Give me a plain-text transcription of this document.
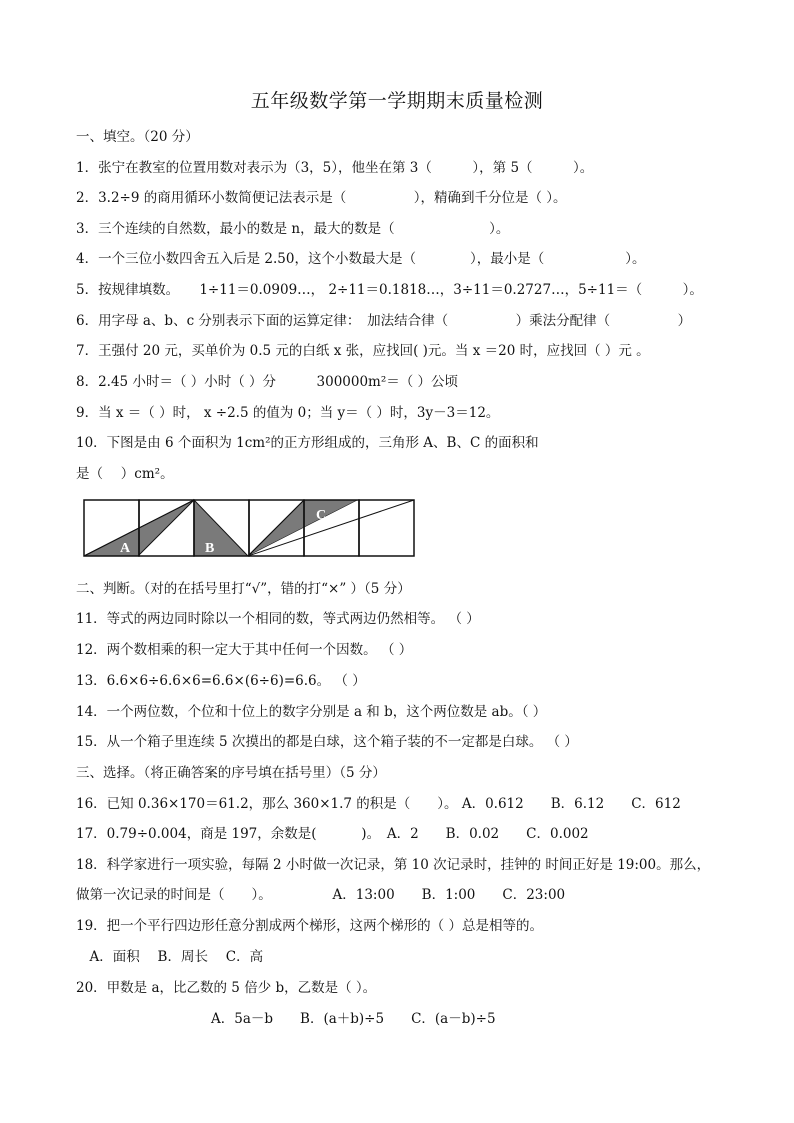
五年级数学第一学期期末质量检测
一、填空。（20 分）
1．张宁在教室的位置用数对表示为（3，5），他坐在第 3（　　　），第 5（　　　）。
2．3.2÷9 的商用循环小数简便记法表示是（　　　　　），精确到千分位是（ ）。
3．三个连续的自然数，最小的数是 n，最大的数是（　　　　　　　）。
4．一个三位小数四舍五入后是 2.50，这个小数最大是（　　　　），最小是（　　　　　　）。
5．按规律填数。　　1÷11＝0.0909…， 2÷11＝0.1818…，3÷11＝0.2727…，5÷11＝（　　　）。
6．用字母 a、b、c 分别表示下面的运算定律：　加法结合律（　　　　　）乘法分配律（　　　　　）
7．王强付 20 元，买单价为 0.5 元的白纸 x 张，应找回( )元。当 x ＝20 时，应找回（ ）元 。
8．2.45 小时＝（ ）小时（ ）分　　　300000m²＝（ ）公顷
9．当 x ＝（ ）时， x ÷2.5 的值为 0；当 y＝（ ）时，3y－3＝12。
10．下图是由 6 个面积为 1cm²的正方形组成的，三角形 A、B、C 的面积和
是（　 ）cm²。
A	B
C
二、判断。（对的在括号里打“√”，错的打“×” ）（5 分）
11．等式的两边同时除以一个相同的数，等式两边仍然相等。 （ ）
12．两个数相乘的积一定大于其中任何一个因数。 （ ）
13．6.6×6÷6.6×6=6.6×(6÷6)=6.6。 （ ）
14．一个两位数，个位和十位上的数字分别是 a 和 b，这个两位数是 ab。（ ）
15．从一个箱子里连续 5 次摸出的都是白球，这个箱子装的不一定都是白球。 （ ）
三、选择。（将正确答案的序号填在括号里）（5 分）
16．已知 0.36×170＝61.2，那么 360×1.7 的积是（　　）。 A．0.612　　B．6.12　　C．612
17．0.79÷0.004，商是 197，余数是(　　　 )。　A．2　　B．0.02　　C．0.002
18．科学家进行一项实验，每隔 2 小时做一次记录，第 10 次记录时，挂钟的 时间正好是 19:00。那么，
做第一次记录的时间是（　　）。　　　　　A．13:00　　B．1:00　　C．23:00
19．把一个平行四边形任意分割成两个梯形，这两个梯形的（ ）总是相等的。
　A．面积　 B．周长　 C．高
20．甲数是 a，比乙数的 5 倍少 b，乙数是（ ）。
　　　　　　　　　　A．5a－b　　B．(a＋b)÷5　　C．(a－b)÷5
